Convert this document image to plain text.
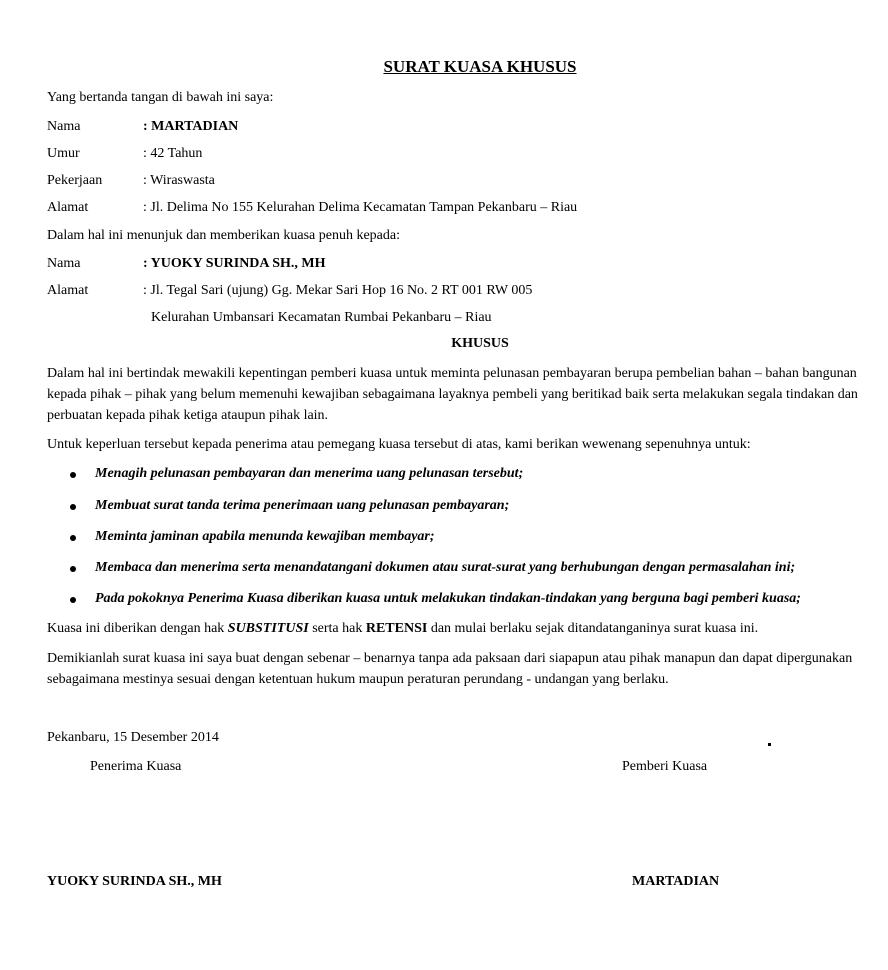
SURAT KUASA KHUSUS
Yang bertanda tangan di bawah ini saya:
Nama	: MARTADIAN
Umur	: 42 Tahun
Pekerjaan	: Wiraswasta
Alamat	: Jl. Delima No 155 Kelurahan Delima Kecamatan Tampan Pekanbaru – Riau
Dalam hal ini menunjuk dan memberikan kuasa penuh kepada:
Nama	: YUOKY SURINDA SH., MH
Alamat	: Jl. Tegal Sari (ujung) Gg. Mekar Sari Hop 16 No. 2 RT 001 RW 005
Kelurahan Umbansari Kecamatan Rumbai Pekanbaru – Riau
KHUSUS
Dalam hal ini bertindak mewakili kepentingan pemberi kuasa untuk meminta pelunasan pembayaran berupa pembelian bahan – bahan bangunan
kepada pihak – pihak yang belum memenuhi kewajiban sebagaimana layaknya pembeli yang beritikad baik serta melakukan segala tindakan dan
perbuatan kepada pihak ketiga ataupun pihak lain.
Untuk keperluan tersebut kepada penerima atau pemegang kuasa tersebut di atas, kami berikan wewenang sepenuhnya untuk:
Menagih pelunasan pembayaran dan menerima uang pelunasan tersebut;
Membuat surat tanda terima penerimaan uang pelunasan pembayaran;
Meminta jaminan apabila menunda kewajiban membayar;
Membaca dan menerima serta menandatangani dokumen atau surat-surat yang berhubungan dengan permasalahan ini;
Pada pokoknya Penerima Kuasa diberikan kuasa untuk melakukan tindakan-tindakan yang berguna bagi pemberi kuasa;
Kuasa ini diberikan dengan hak SUBSTITUSI serta hak RETENSI dan mulai berlaku sejak ditandatanganinya surat kuasa ini.
Demikianlah surat kuasa ini saya buat dengan sebenar – benarnya tanpa ada paksaan dari siapapun atau pihak manapun dan dapat dipergunakan
sebagaimana mestinya sesuai dengan ketentuan hukum maupun peraturan perundang - undangan yang berlaku.
Pekanbaru, 15 Desember 2014
Penerima Kuasa	Pemberi Kuasa
YUOKY SURINDA SH., MH	MARTADIAN
